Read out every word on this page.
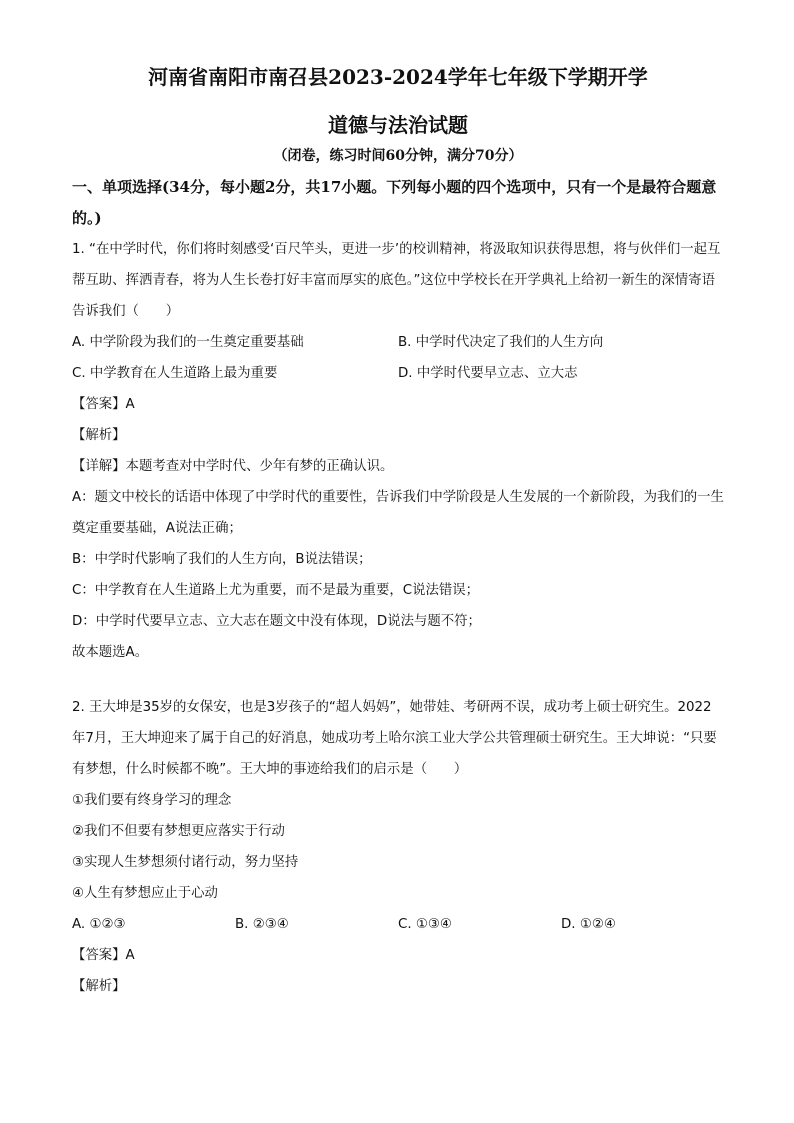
河南省南阳市南召县2023-2024学年七年级下学期开学
道德与法治试题
（闭卷，练习时间60分钟，满分70分）
一、单项选择(34分，每小题2分，共17小题。下列每小题的四个选项中，只有一个是最符合题意的。)
1. “在中学时代，你们将时刻感受‘百尺竿头，更进一步’的校训精神，将汲取知识获得思想，将与伙伴们一起互帮互助、挥洒青春，将为人生长卷打好丰富而厚实的底色。”这位中学校长在开学典礼上给初一新生的深情寄语告诉我们（　　）
A. 中学阶段为我们的一生奠定重要基础	B. 中学时代决定了我们的人生方向
C. 中学教育在人生道路上最为重要	D. 中学时代要早立志、立大志
【答案】A
【解析】
【详解】本题考查对中学时代、少年有梦的正确认识。
A：题文中校长的话语中体现了中学时代的重要性，告诉我们中学阶段是人生发展的一个新阶段，为我们的一生奠定重要基础，A说法正确；
B：中学时代影响了我们的人生方向，B说法错误；
C：中学教育在人生道路上尤为重要，而不是最为重要，C说法错误；
D：中学时代要早立志、立大志在题文中没有体现，D说法与题不符；
故本题选A。
2. 王大坤是35岁的女保安，也是3岁孩子的“超人妈妈”，她带娃、考研两不误，成功考上硕士研究生。2022年7月，王大坤迎来了属于自己的好消息，她成功考上哈尔滨工业大学公共管理硕士研究生。王大坤说：“只要有梦想，什么时候都不晚”。王大坤的事迹给我们的启示是（　　）
①我们要有终身学习的理念
②我们不但要有梦想更应落实于行动
③实现人生梦想须付诸行动，努力坚持
④人生有梦想应止于心动
A. ①②③	B. ②③④	C. ①③④	D. ①②④
【答案】A
【解析】
